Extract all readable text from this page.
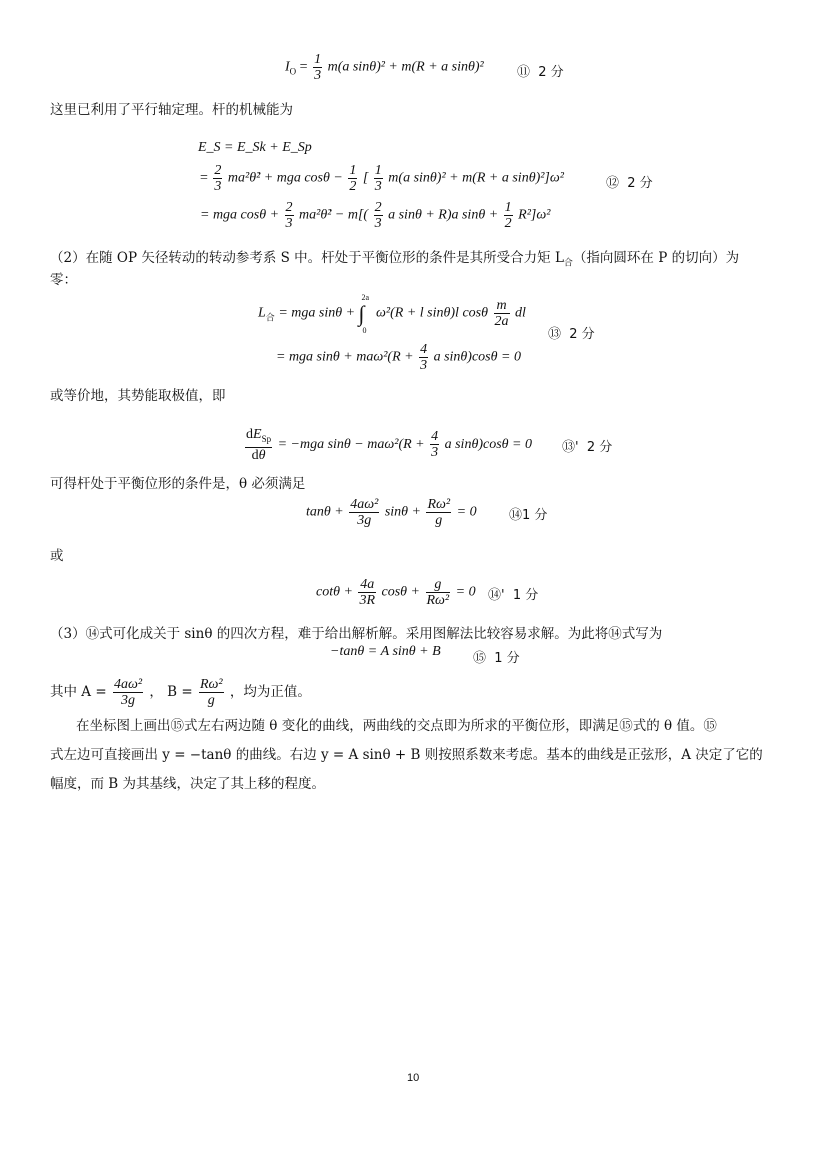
$I_O = \frac{1}{3} m(a$ sinθ)² + m(R + a sinθ)²	⑪ 2 分
这里已利用了平行轴定理。杆的机械能为
E_S = E_Sk + E_Sp
= $\frac{2}{3}$ ma²θ̇² + mga $\cos\theta - \frac{1}{2}$ [ $\frac{1}{3} m(a$ sinθ)² + m(R + a sinθ)²]ω²	⑫ 2 分
= mga $\cos\theta + \frac{2}{3}$ ma²θ̇² − $m[( \frac{2}{3}$ a sinθ + R)a $\sin\theta + \frac{1}{2} R^2]\omega^2$
（2）在随 OP 矢径转动的转动参考系 S 中。杆处于平衡位形的条件是其所受合力矩 $L_合$（指向圆环在 P 的切向）为
零：
$L_合$ = mga sinθ + ∫
2a
0
ω²(R + l sinθ)l cosθ $\frac{m}{2a}$ dl
⑬ 2 分
= mga $\sin\theta + ma\omega^2(R + \frac{4}{3}$ a sinθ)cosθ = 0
或等价地，其势能取极值，即
$\frac{dE_{Sp}}{d\theta} = -mga$ $\sin\theta - ma\omega^2(R + \frac{4}{3}$ a sinθ)cosθ = 0 ⑬' 2 分
可得杆处于平衡位形的条件是，θ 必须满足
$\tan\theta + \frac{\text{4aω²}}{3g}$ $\sin\theta + \frac{\text{Rω²}}{g} = 0$ ⑭1 分
或
$\cot\theta + \frac{4a}{3R}$ $\cos\theta + \frac{g}{\text{Rω²}} = 0$ ⑭' 1 分
（3）⑭式可化成关于 sinθ 的四次方程，难于给出解析解。采用图解法比较容易求解。为此将⑭式写为
−tanθ = A sinθ + B ⑮ 1 分
其中 $A = \frac{\text{4aω²}}{3g}$ ， $B = \frac{\text{Rω²}}{g}$ ，均为正值。
在坐标图上画出⑮式左右两边随 θ 变化的曲线，两曲线的交点即为所求的平衡位形，即满足⑮式的 θ 值。⑮
式左边可直接画出 y = −tanθ 的曲线。右边 y = A sinθ + B 则按照系数来考虑。基本的曲线是正弦形，A 决定了它的
幅度，而 B 为其基线，决定了其上移的程度。
10
